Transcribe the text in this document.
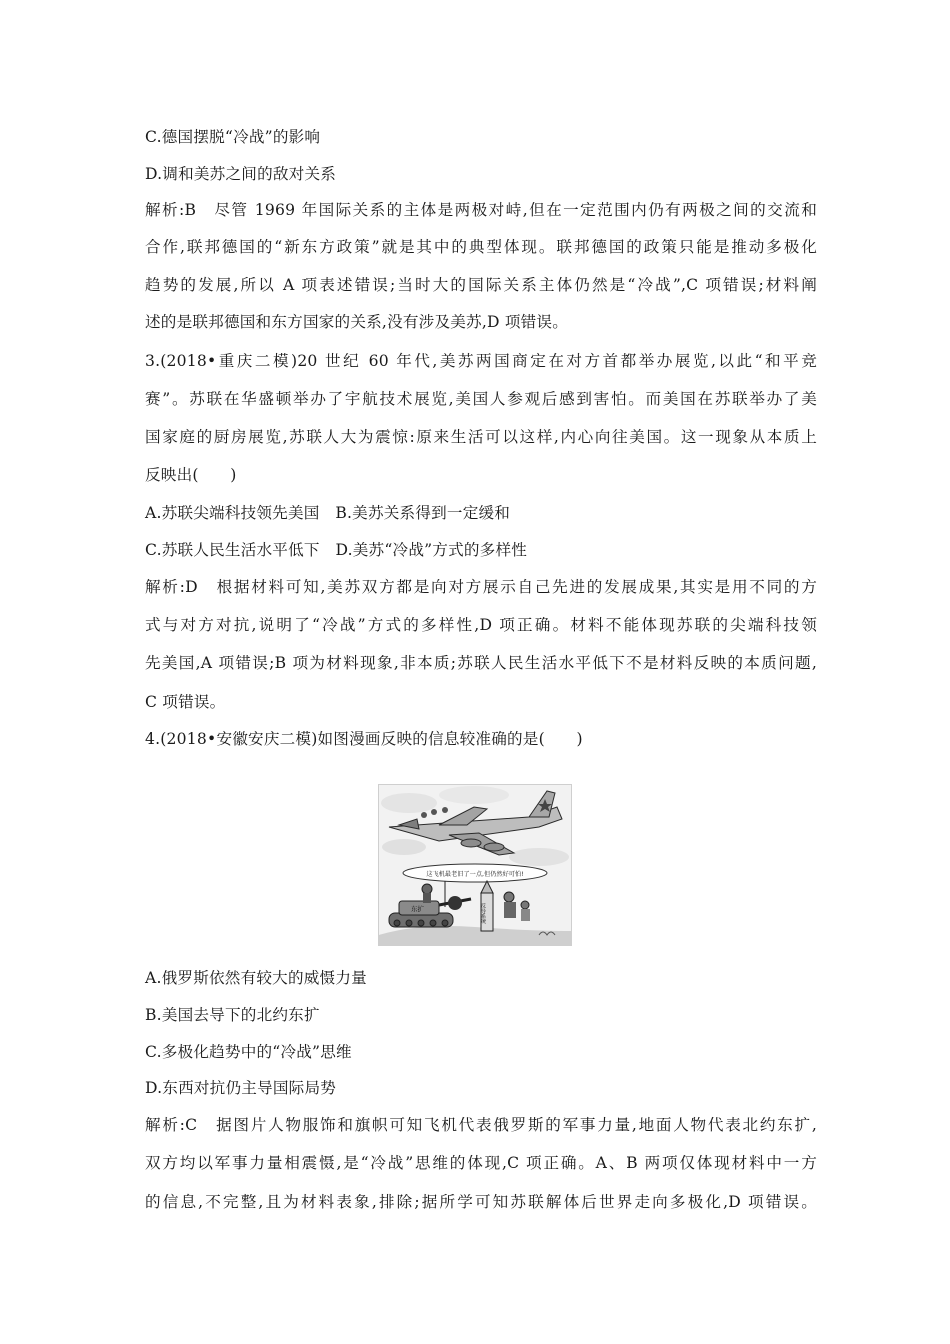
C.德国摆脱“冷战”的影响
D.调和美苏之间的敌对关系
解析:B　尽管 1969 年国际关系的主体是两极对峙,但在一定范围内仍有两极之间的交流和
合作,联邦德国的“新东方政策”就是其中的典型体现。联邦德国的政策只能是推动多极化
趋势的发展,所以 A 项表述错误;当时大的国际关系主体仍然是“冷战”,C 项错误;材料阐
述的是联邦德国和东方国家的关系,没有涉及美苏,D 项错误。
3.(2018•重庆二模)20 世纪 60 年代,美苏两国商定在对方首都举办展览,以此“和平竞
赛”。苏联在华盛顿举办了宇航技术展览,美国人参观后感到害怕。而美国在苏联举办了美
国家庭的厨房展览,苏联人大为震惊:原来生活可以这样,内心向往美国。这一现象从本质上
反映出(　　)
A.苏联尖端科技领先美国　B.美苏关系得到一定缓和
C.苏联人民生活水平低下　D.美苏“冷战”方式的多样性
解析:D　根据材料可知,美苏双方都是向对方展示自己先进的发展成果,其实是用不同的方
式与对方对抗,说明了“冷战”方式的多样性,D 项正确。材料不能体现苏联的尖端科技领
先美国,A 项错误;B 项为材料现象,非本质;苏联人民生活水平低下不是材料反映的本质问题,
C 项错误。
4.(2018•安徽安庆二模)如图漫画反映的信息较准确的是(　　)
这飞机最老旧了一点,但仍然好可怕!
东扩	反导系统
A.俄罗斯依然有较大的威慑力量
B.美国去导下的北约东扩
C.多极化趋势中的“冷战”思维
D.东西对抗仍主导国际局势
解析:C　据图片人物服饰和旗帜可知飞机代表俄罗斯的军事力量,地面人物代表北约东扩,
双方均以军事力量相震慑,是“冷战”思维的体现,C 项正确。A、B 两项仅体现材料中一方
的信息,不完整,且为材料表象,排除;据所学可知苏联解体后世界走向多极化,D 项错误。
